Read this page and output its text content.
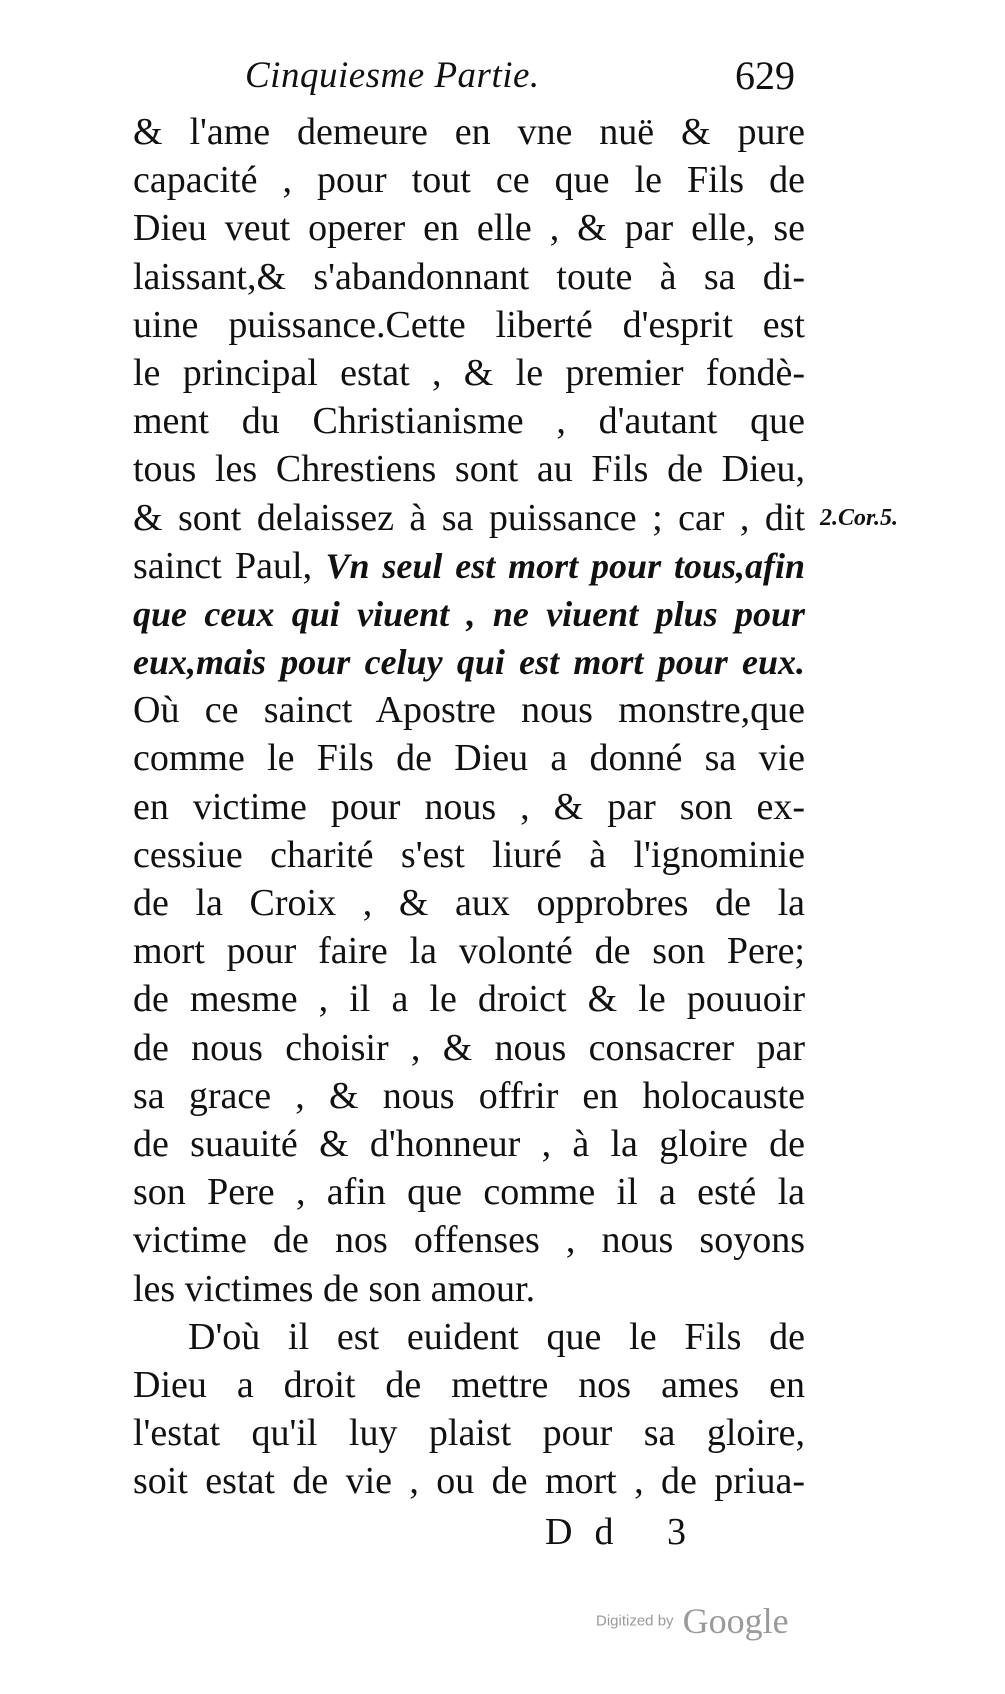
Cinquiesme Partie.	629
& l'ame demeure en vne nuë & pure
capacité , pour tout ce que le Fils de
Dieu veut operer en elle , & par elle, se
laissant,& s'abandonnant toute à sa di-
uine puissance.Cette liberté d'esprit est
le principal estat , & le premier fondè-
ment du Christianisme , d'autant que
tous les Chrestiens sont au Fils de Dieu,
& sont delaissez à sa puissance ; car , dit
sainct Paul, Vn seul est mort pour tous,afin
que ceux qui viuent , ne viuent plus pour
eux,mais pour celuy qui est mort pour eux.
Où ce sainct Apostre nous monstre,que
comme le Fils de Dieu a donné sa vie
en victime pour nous , & par son ex-
cessiue charité s'est liuré à l'ignominie
de la Croix , & aux opprobres de la
mort pour faire la volonté de son Pere;
de mesme , il a le droict & le pouuoir
de nous choisir , & nous consacrer par
sa grace , & nous offrir en holocauste
de suauité & d'honneur , à la gloire de
son Pere , afin que comme il a esté la
victime de nos offenses , nous soyons
les victimes de son amour.
D'où il est euident que le Fils de
Dieu a droit de mettre nos ames en
l'estat qu'il luy plaist pour sa gloire,
soit estat de vie , ou de mort , de priua-
2.Cor.5.
Dd 3
Digitized by Google
